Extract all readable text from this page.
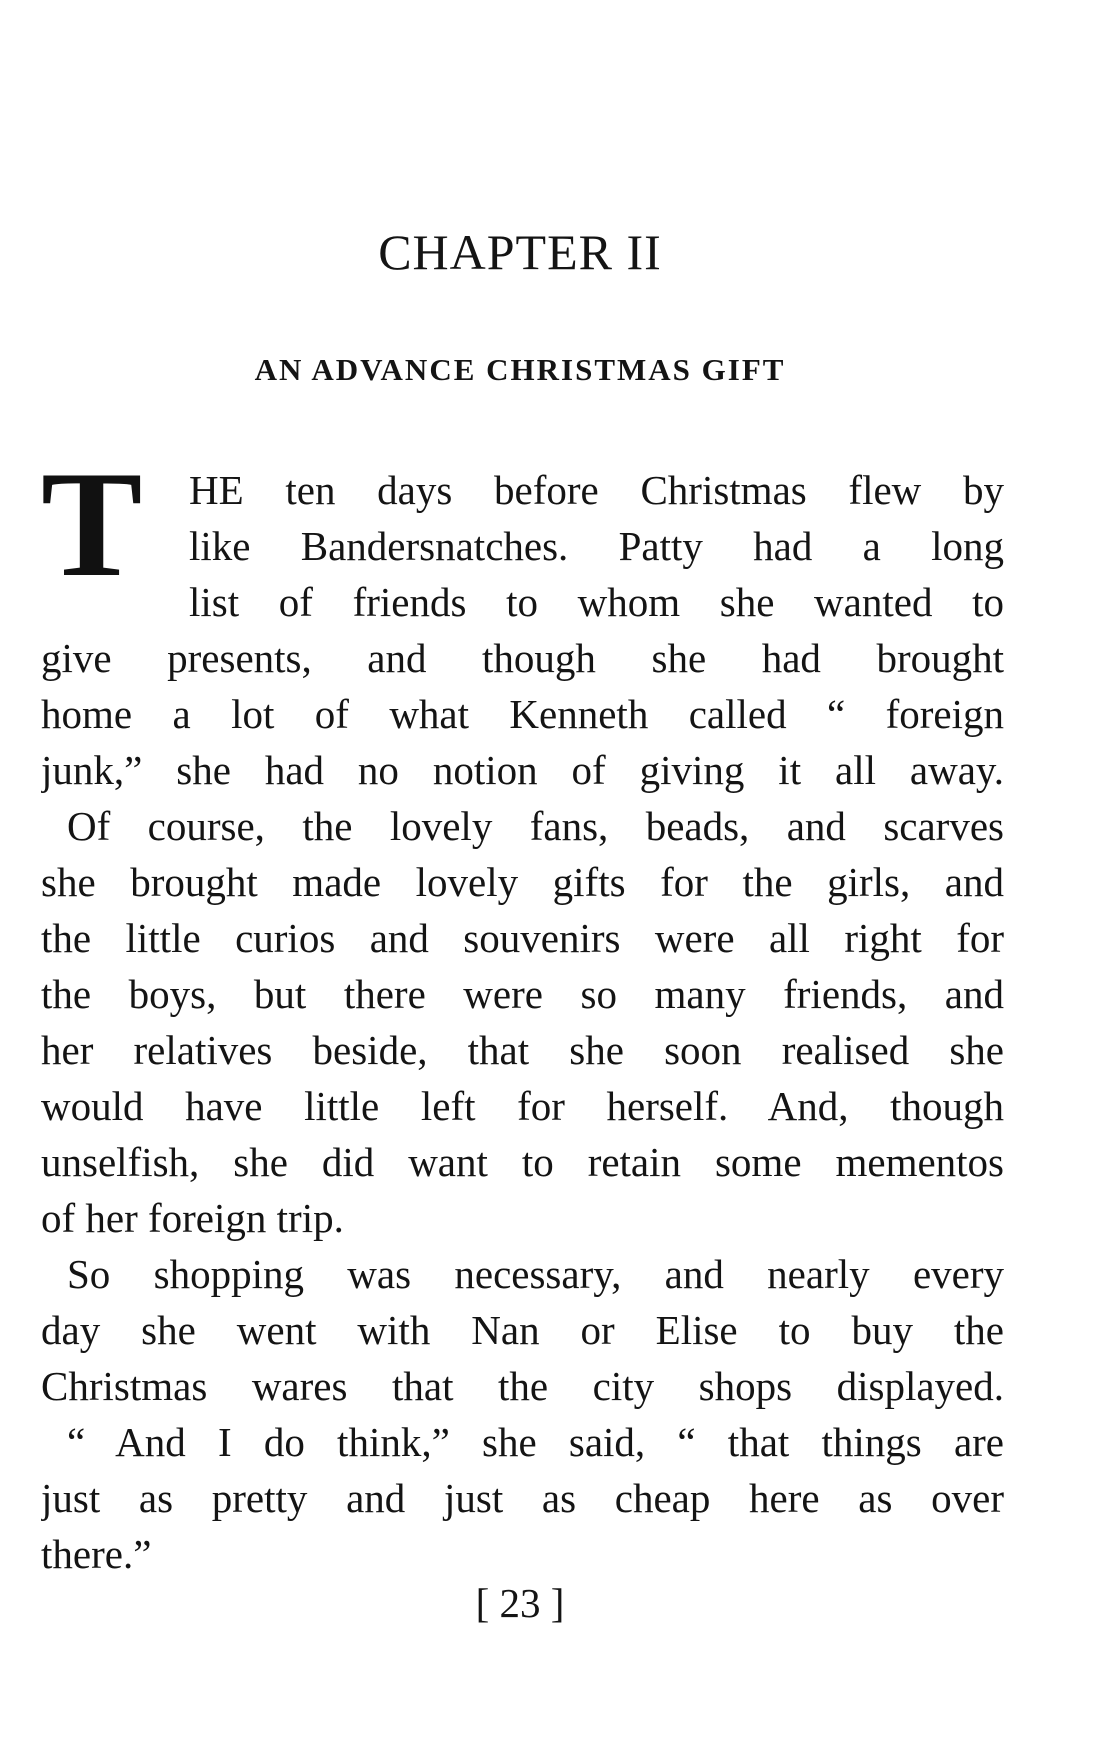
CHAPTER II
AN ADVANCE CHRISTMAS GIFT
T HE ten days before Christmas flew by
like Bandersnatches. Patty had a long
list of friends to whom she wanted to
give presents, and though she had brought
home a lot of what Kenneth called “ foreign
junk,” she had no notion of giving it all away.
Of course, the lovely fans, beads, and scarves
she brought made lovely gifts for the girls, and
the little curios and souvenirs were all right for
the boys, but there were so many friends, and
her relatives beside, that she soon realised she
would have little left for herself. And, though
unselfish, she did want to retain some mementos
of her foreign trip.
So shopping was necessary, and nearly every
day she went with Nan or Elise to buy the
Christmas wares that the city shops displayed.
“ And I do think,” she said, “ that things are
just as pretty and just as cheap here as over
there.”
[ 23 ]
